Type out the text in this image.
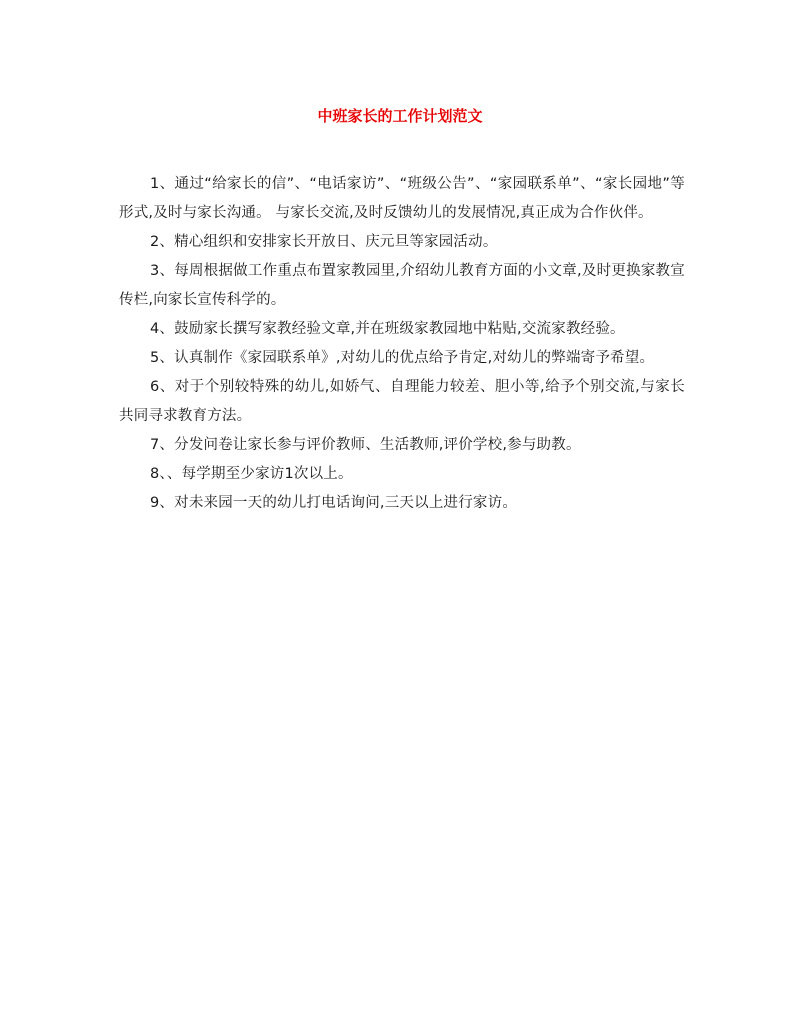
中班家长的工作计划范文

1、通过“给家长的信”、“电话家访”、“班级公告”、“家园联系单”、“家长园地”等形式,及时与家长沟通。 与家长交流,及时反馈幼儿的发展情况,真正成为合作伙伴。

2、精心组织和安排家长开放日、庆元旦等家园活动。

3、每周根据做工作重点布置家教园里,介绍幼儿教育方面的小文章,及时更换家教宣传栏,向家长宣传科学的。

4、鼓励家长撰写家教经验文章,并在班级家教园地中粘贴,交流家教经验。

5、认真制作《家园联系单》,对幼儿的优点给予肯定,对幼儿的弊端寄予希望。

6、对于个别较特殊的幼儿,如娇气、自理能力较差、胆小等,给予个别交流,与家长共同寻求教育方法。

7、分发问卷让家长参与评价教师、生活教师,评价学校,参与助教。

8、、每学期至少家访1次以上。

9、对未来园一天的幼儿打电话询问,三天以上进行家访。
